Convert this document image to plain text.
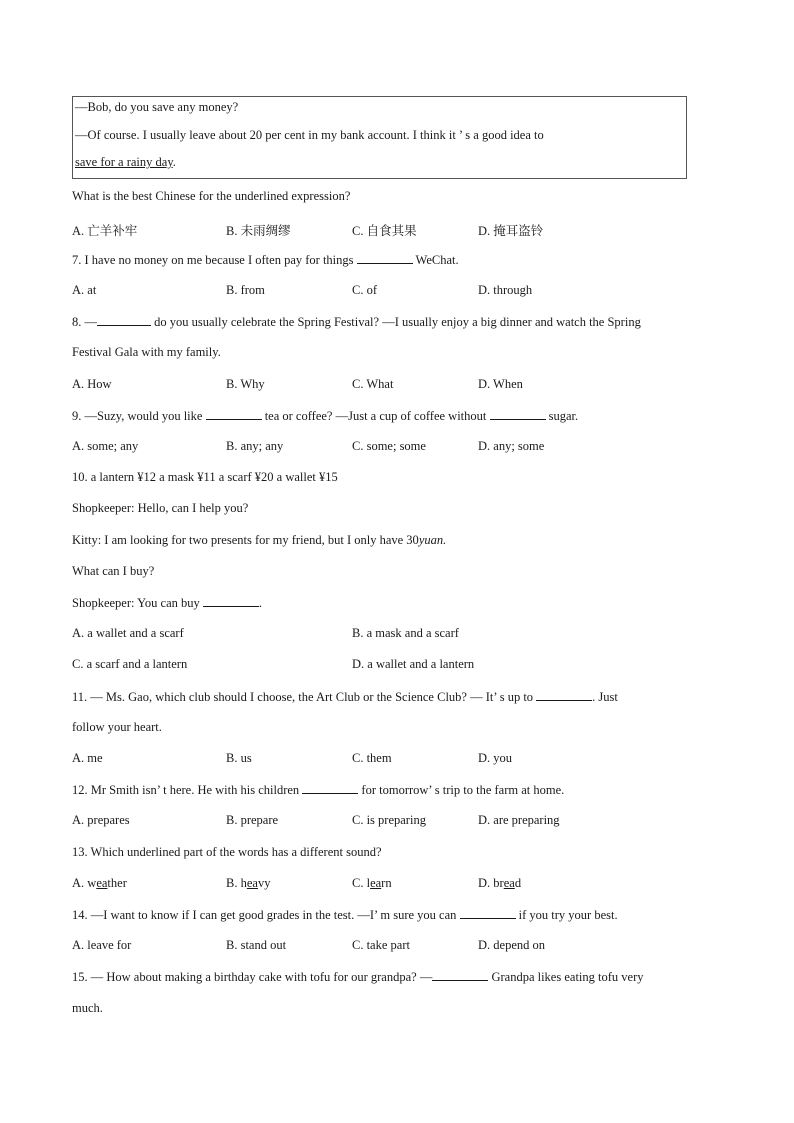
—Bob, do you save any money?
—Of course. I usually leave about 20 per cent in my bank account. I think it ’ s a good idea to
save for a rainy day.
What is the best Chinese for the underlined expression?
A. 亡羊补牢	B. 未雨绸缪	C. 自食其果	D. 掩耳盗铃
7. I have no money on me because I often pay for things	WeChat.
A. at	B. from	C. of	D. through
8. —	do you usually celebrate the Spring Festival? —I usually enjoy a big dinner and watch the Spring
Festival Gala with my family.
A. How	B. Why	C. What	D. When
9. —Suzy, would you like	tea or coffee? —Just a cup of coffee without	sugar.
A. some; any	B. any; any	C. some; some	D. any; some
10. a lantern ¥12 a mask ¥11 a scarf ¥20 a wallet ¥15
Shopkeeper: Hello, can I help you?
Kitty: I am looking for two presents for my friend, but I only have 30yuan.
What can I buy?
Shopkeeper: You can buy	.
A. a wallet and a scarf	B. a mask and a scarf
C. a scarf and a lantern	D. a wallet and a lantern
11. — Ms. Gao, which club should I choose, the Art Club or the Science Club? — It’ s up to	. Just
follow your heart.
A. me	B. us	C. them	D. you
12. Mr Smith isn’ t here. He with his children	for tomorrow’ s trip to the farm at home.
A. prepares	B. prepare	C. is preparing	D. are preparing
13. Which underlined part of the words has a different sound?
A. weather	B. heavy	C. learn	D. bread
14. —I want to know if I can get good grades in the test. —I’ m sure you can	if you try your best.
A. leave for	B. stand out	C. take part	D. depend on
15. — How about making a birthday cake with tofu for our grandpa? —	Grandpa likes eating tofu very
much.
